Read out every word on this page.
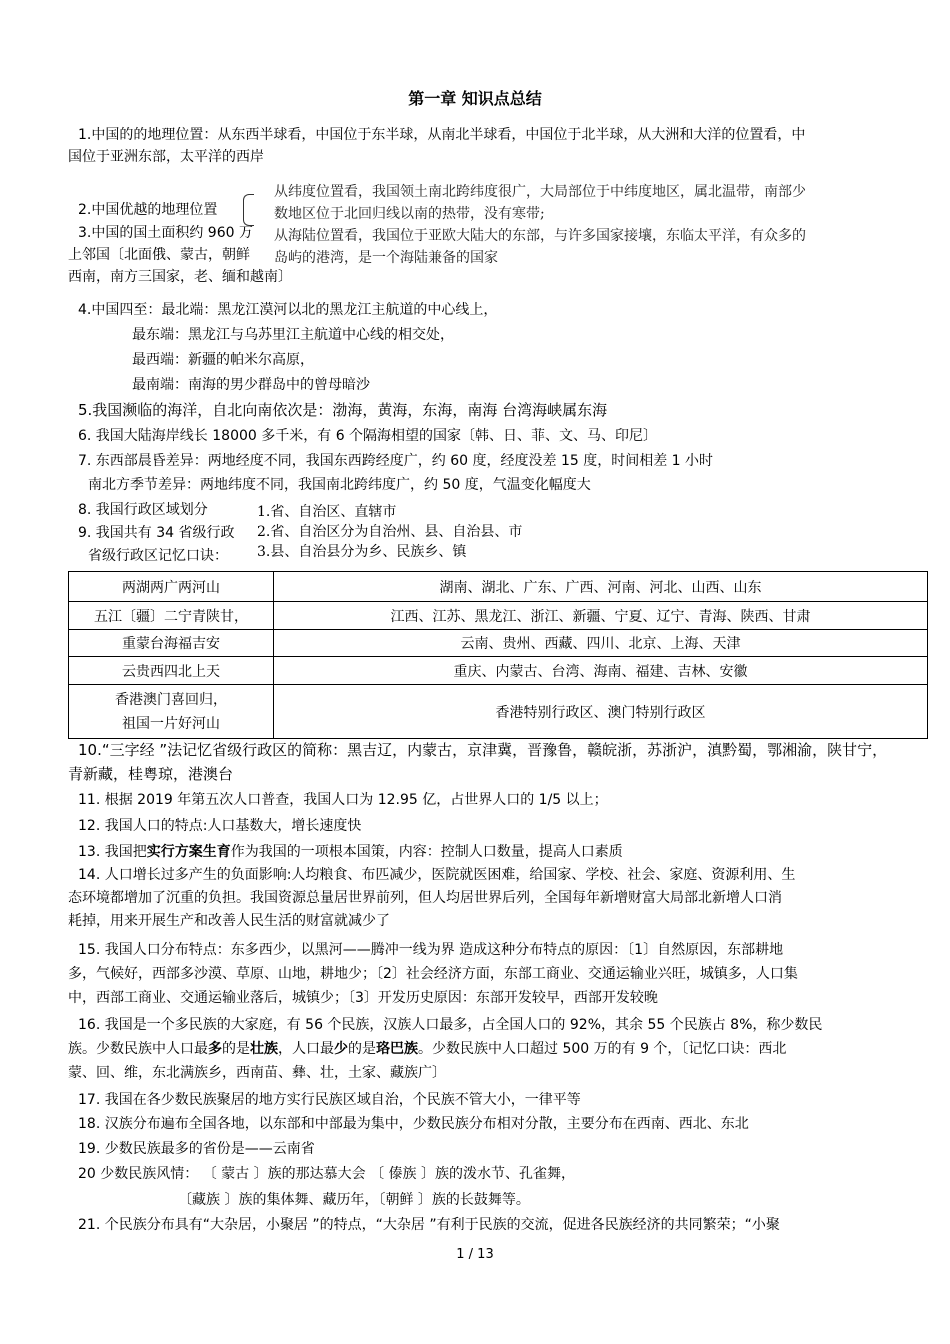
第一章 知识点总结
1.中国的的地理位置：从东西半球看，中国位于东半球，从南北半球看，中国位于北半球，从大洲和大洋的位置看，中
国位于亚洲东部，太平洋的西岸
2.中国优越的地理位置
3.中国的国土面积约 960 万
上邻国〔北面俄、蒙古，朝鲜
西南，南方三国家，老、缅和越南〕
从纬度位置看，我国领土南北跨纬度很广，大局部位于中纬度地区，属北温带，南部少
数地区位于北回归线以南的热带，没有寒带;
从海陆位置看，我国位于亚欧大陆大的东部，与许多国家接壤，东临太平洋，有众多的
岛屿的港湾，是一个海陆兼备的国家
4.中国四至：最北端：黑龙江漠河以北的黑龙江主航道的中心线上，
最东端：黑龙江与乌苏里江主航道中心线的相交处，
最西端：新疆的帕米尔高原，
最南端：南海的男少群岛中的曾母暗沙
5.我国濒临的海洋，自北向南依次是：渤海，黄海，东海，南海 台湾海峡属东海
6. 我国大陆海岸线长 18000 多千米，有 6 个隔海相望的国家〔韩、日、菲、文、马、印尼〕
7. 东西部晨昏差异：两地经度不同，我国东西跨经度广，约 60 度，经度没差 15 度，时间相差 1 小时
南北方季节差异：两地纬度不同，我国南北跨纬度广，约 50 度，气温变化幅度大
8. 我国行政区域划分
9. 我国共有 34 省级行政
省级行政区记忆口诀：
1.省、自治区、直辖市
2.省、自治区分为自治州、县、自治县、市
3.县、自治县分为乡、民族乡、镇
两湖两广两河山	湖南、湖北、广东、广西、河南、河北、山西、山东
五江〔疆〕二宁青陕甘，	江西、江苏、黑龙江、浙江、新疆、宁夏、辽宁、青海、陕西、甘肃
重蒙台海福吉安	云南、贵州、西藏、四川、北京、上海、天津
云贵西四北上天	重庆、内蒙古、台湾、海南、福建、吉林、安徽
香港澳门喜回归，
祖国一片好河山	香港特别行政区、澳门特别行政区
10.“三字经 ”法记忆省级行政区的简称：黑吉辽，内蒙古，京津冀，晋豫鲁，赣皖浙，苏浙沪，滇黔蜀，鄂湘渝，陕甘宁，
青新藏，桂粤琼，港澳台
11. 根据 2019 年第五次人口普查，我国人口为 12.95 亿，占世界人口的 1/5 以上；
12. 我国人口的特点:人口基数大，增长速度快
13. 我国把实行方案生育作为我国的一项根本国策，内容：控制人口数量，提高人口素质
14. 人口增长过多产生的负面影响:人均粮食、布匹减少，医院就医困难，给国家、学校、社会、家庭、资源利用、生
态环境都增加了沉重的负担。我国资源总量居世界前列，但人均居世界后列，全国每年新增财富大局部北新增人口消
耗掉，用来开展生产和改善人民生活的财富就减少了
15. 我国人口分布特点：东多西少，以黑河——腾冲一线为界 造成这种分布特点的原因：〔1〕自然原因，东部耕地
多，气候好，西部多沙漠、草原、山地，耕地少；〔2〕社会经济方面，东部工商业、交通运输业兴旺，城镇多，人口集
中，西部工商业、交通运输业落后，城镇少；〔3〕开发历史原因：东部开发较早，西部开发较晚
16. 我国是一个多民族的大家庭，有 56 个民族，汉族人口最多，占全国人口的 92%，其余 55 个民族占 8%，称少数民
族。少数民族中人口最多的是壮族，人口最少的是珞巴族。少数民族中人口超过 500 万的有 9 个，〔记忆口诀：西北
蒙、回、维，东北满族乡，西南苗、彝、壮，土家、藏族广〕
17. 我国在各少数民族聚居的地方实行民族区域自治，个民族不管大小，一律平等
18. 汉族分布遍布全国各地，以东部和中部最为集中，少数民族分布相对分散，主要分布在西南、西北、东北
19. 少数民族最多的省份是——云南省
20 少数民族风情： 〔 蒙古 〕族的那达慕大会 〔 傣族 〕族的泼水节、孔雀舞，
〔藏族 〕族的集体舞、藏历年，〔朝鲜 〕族的长鼓舞等。
21. 个民族分布具有“大杂居，小聚居 ”的特点，“大杂居 ”有利于民族的交流，促进各民族经济的共同繁荣；“小聚
1 / 13
